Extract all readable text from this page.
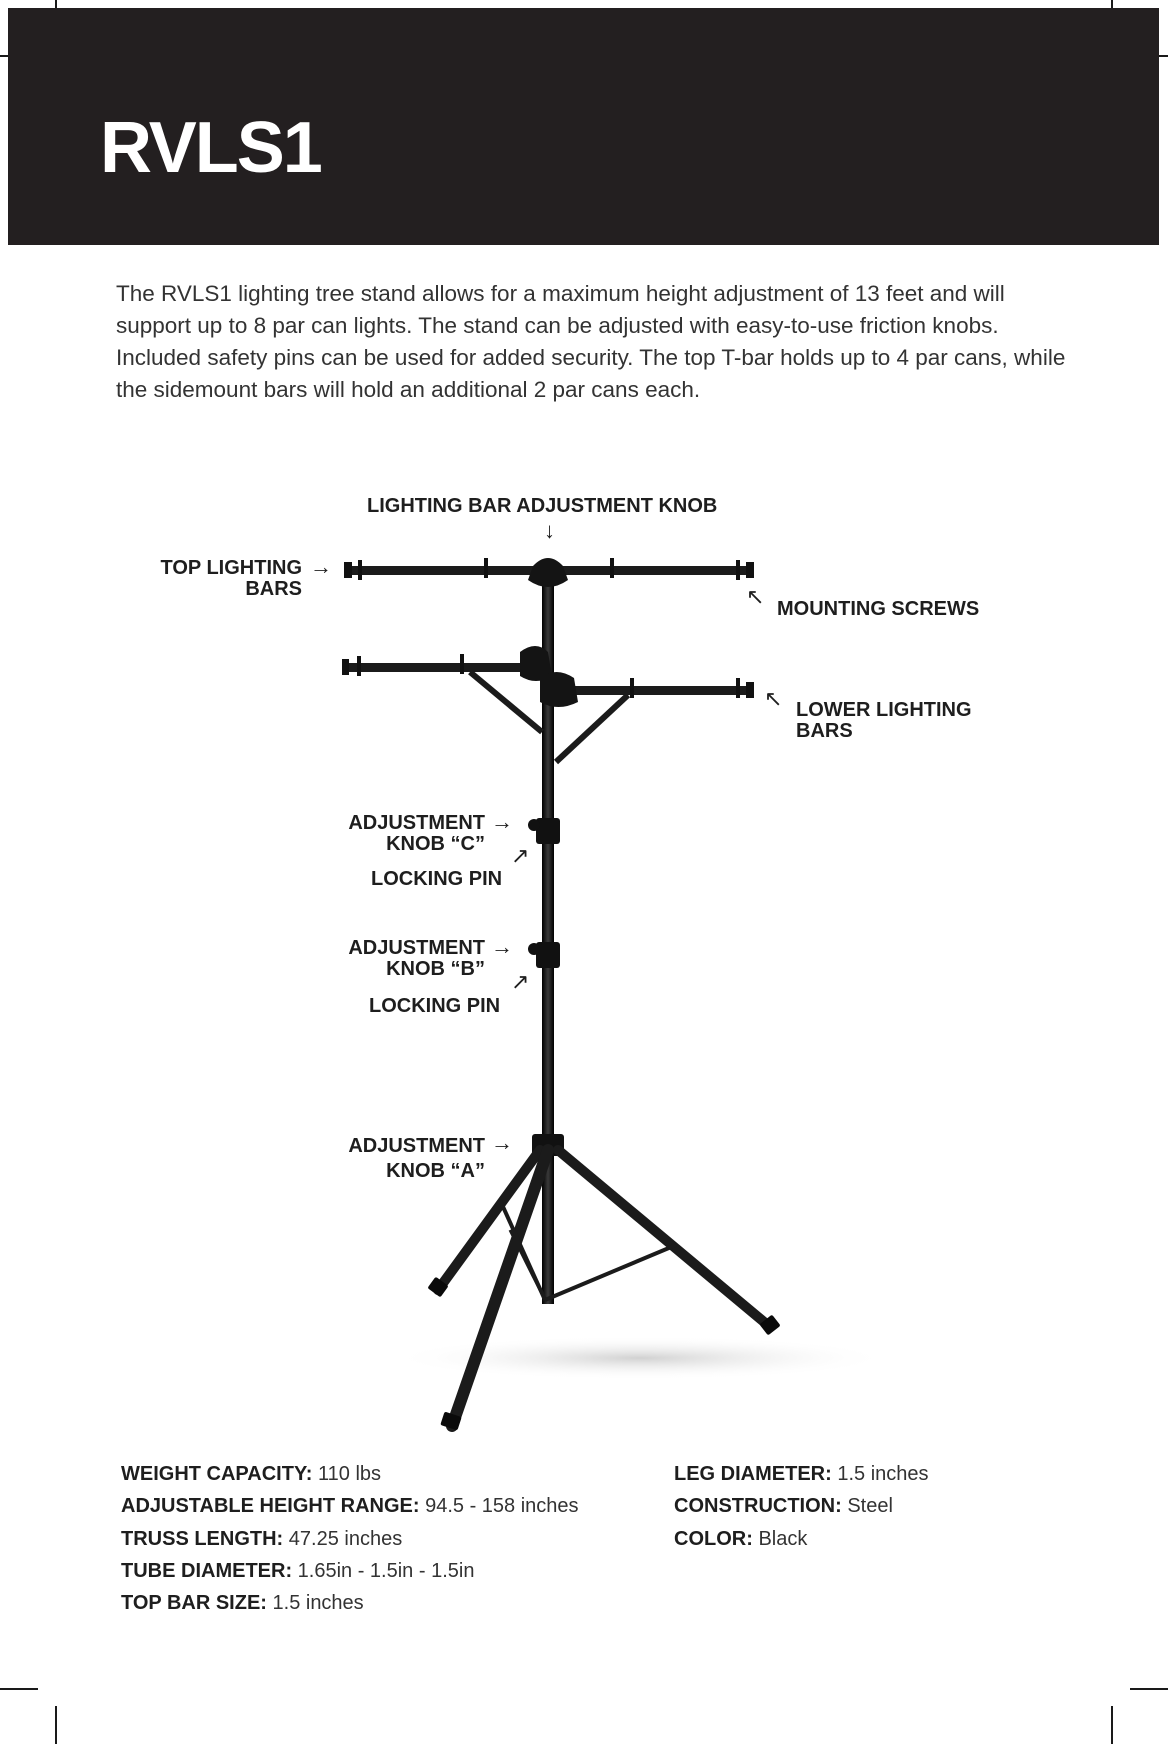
RVLS1

The RVLS1 lighting tree stand allows for a maximum height adjustment of 13 feet and will support up to 8 par can lights. The stand can be adjusted with easy-to-use friction knobs. Included safety pins can be used for added security. The top T-bar holds up to 4 par cans, while the sidemount bars will hold an additional 2 par cans each.

LIGHTING BAR ADJUSTMENT KNOB
↓
TOP LIGHTING
BARS
→
↖ MOUNTING SCREWS
↖ LOWER LIGHTING
BARS
ADJUSTMENT
KNOB “C”
→
↗
LOCKING PIN
ADJUSTMENT
KNOB “B”
→
↗
LOCKING PIN
ADJUSTMENT
KNOB “A”
→
WEIGHT CAPACITY: 110 lbs
ADJUSTABLE HEIGHT RANGE: 94.5 - 158 inches
TRUSS LENGTH: 47.25 inches
TUBE DIAMETER: 1.65in - 1.5in - 1.5in
TOP BAR SIZE: 1.5 inches
LEG DIAMETER: 1.5 inches
CONSTRUCTION: Steel
COLOR: Black
